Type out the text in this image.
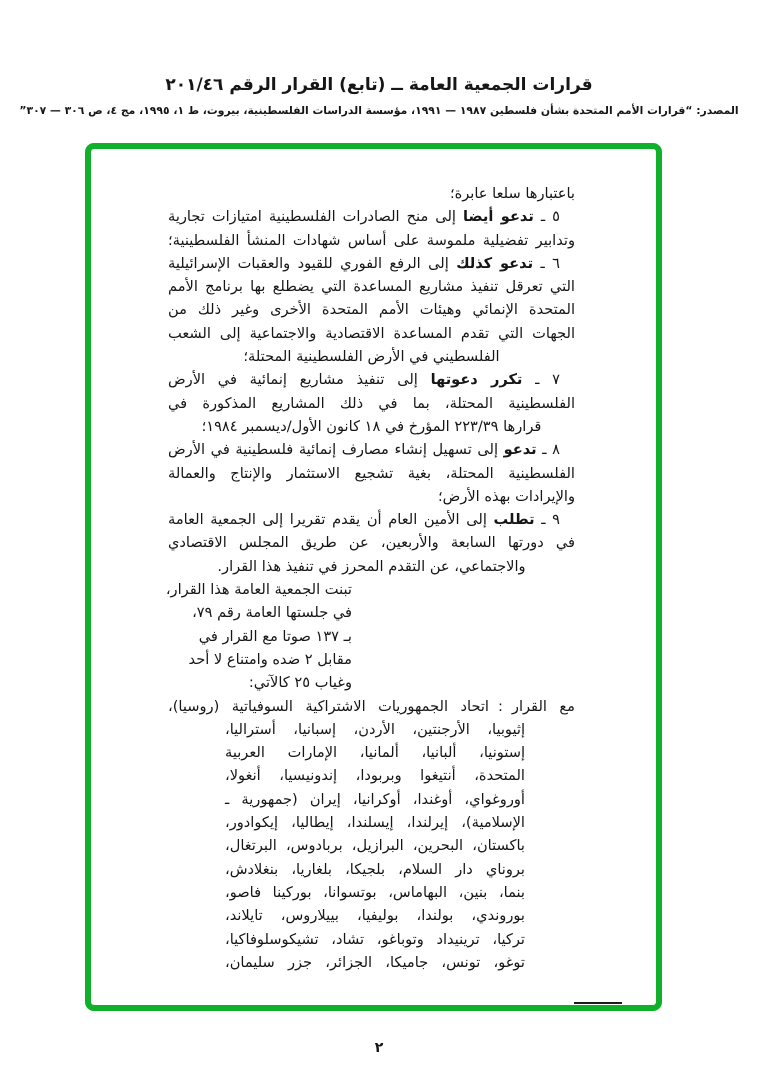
قرارات الجمعية العامة ــ (تابع) القرار الرقم ٢٠١/٤٦
المصدر: “قرارات الأمم المتحدة بشأن فلسطين ١٩٨٧ — ١٩٩١، مؤسسة الدراسات الفلسطينية، بيروت، ط ١، ١٩٩٥، مج ٤، ص ٣٠٦ — ٣٠٧”
باعتبارها سلعا عابرة؛
٥ ـ تدعو أيضا إلى منح الصادرات الفلسطينية امتيازات تجارية
وتدابير تفضيلية ملموسة على أساس شهادات المنشأ الفلسطينية؛
٦ ـ تدعو كذلك إلى الرفع الفوري للقيود والعقبات الإسرائيلية
التي تعرقل تنفيذ مشاريع المساعدة التي يضطلع بها برنامج الأمم
المتحدة الإنمائي وهيئات الأمم المتحدة الأخرى وغير ذلك من
الجهات التي تقدم المساعدة الاقتصادية والاجتماعية إلى الشعب
الفلسطيني في الأرض الفلسطينية المحتلة؛
٧ ـ تكرر دعوتها إلى تنفيذ مشاريع إنمائية في الأرض
الفلسطينية المحتلة، بما في ذلك المشاريع المذكورة في
قرارها ٢٢٣/٣٩ المؤرخ في ١٨ كانون الأول/ديسمبر ١٩٨٤؛
٨ ـ تدعو إلى تسهيل إنشاء مصارف إنمائية فلسطينية في الأرض
الفلسطينية المحتلة، بغية تشجيع الاستثمار والإنتاج والعمالة
والإيرادات بهذه الأرض؛
٩ ـ تطلب إلى الأمين العام أن يقدم تقريرا إلى الجمعية العامة
في دورتها السابعة والأربعين، عن طريق المجلس الاقتصادي
والاجتماعي، عن التقدم المحرز في تنفيذ هذا القرار.
تبنت الجمعية العامة هذا القرار،
في جلستها العامة رقم ٧٩،
بـ ١٣٧ صوتا مع القرار في
مقابل ٢ ضده وامتناع لا أحد
وغياب ٢٥ كالآتي:
مع القرار:اتحاد الجمهوريات الاشتراكية السوفياتية (روسيا)،
إثيوبيا، الأرجنتين، الأردن، إسبانيا، أستراليا،
إستونيا، ألبانيا، ألمانيا، الإمارات العربية
المتحدة، أنتيغوا وبربودا، إندونيسيا، أنغولا،
أوروغواي، أوغندا، أوكرانيا، إيران (جمهورية ـ
الإسلامية)، إيرلندا، إيسلندا، إيطاليا، إيكوادور،
باكستان، البحرين، البرازيل، بربادوس، البرتغال،
بروناي دار السلام، بلجيكا، بلغاريا، بنغلادش،
بنما، بنين، البهاماس، بوتسوانا، بوركينا فاصو،
بوروندي، بولندا، بوليفيا، بييلاروس، تايلاند،
تركيا، ترينيداد وتوباغو، تشاد، تشيكوسلوفاكيا،
توغو، تونس، جاميكا، الجزائر، جزر سليمان،
٢
